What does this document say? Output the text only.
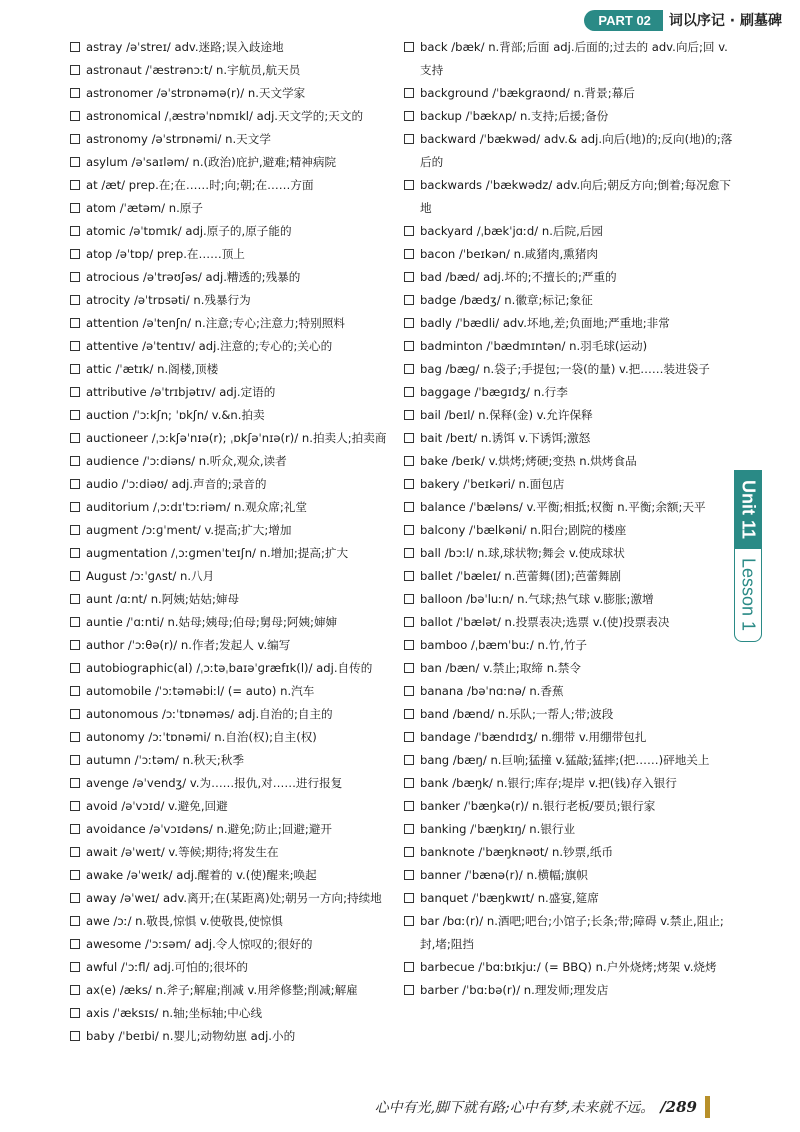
PART 02	词以序记 · 刷墓碑
astray /əˈstreɪ/ adv.迷路;误入歧途地
astronaut /ˈæstrənɔːt/ n.宇航员,航天员
astronomer /əˈstrɒnəmə(r)/ n.天文学家
astronomical /ˌæstrəˈnɒmɪkl/ adj.天文学的;天文的
astronomy /əˈstrɒnəmi/ n.天文学
asylum /əˈsaɪləm/ n.(政治)庇护,避难;精神病院
at /æt/ prep.在;在……时;向;朝;在……方面
atom /ˈætəm/ n.原子
atomic /əˈtɒmɪk/ adj.原子的,原子能的
atop /əˈtɒp/ prep.在……顶上
atrocious /əˈtrəʊʃəs/ adj.糟透的;残暴的
atrocity /əˈtrɒsəti/ n.残暴行为
attention /əˈtenʃn/ n.注意;专心;注意力;特别照料
attentive /əˈtentɪv/ adj.注意的;专心的;关心的
attic /ˈætɪk/ n.阁楼,顶楼
attributive /əˈtrɪbjətɪv/ adj.定语的
auction /ˈɔːkʃn; ˈɒkʃn/ v.&n.拍卖
auctioneer /ˌɔːkʃəˈnɪə(r); ˌɒkʃəˈnɪə(r)/ n.拍卖人;拍卖商
audience /ˈɔːdiəns/ n.听众,观众,读者
audio /ˈɔːdiəʊ/ adj.声音的;录音的
auditorium /ˌɔːdɪˈtɔːriəm/ n.观众席;礼堂
augment /ɔːɡˈment/ v.提高;扩大;增加
augmentation /ˌɔːɡmenˈteɪʃn/ n.增加;提高;扩大
August /ɔːˈɡʌst/ n.八月
aunt /ɑːnt/ n.阿姨;姑姑;婶母
auntie /ˈɑːnti/ n.姑母;姨母;伯母;舅母;阿姨;婶婶
author /ˈɔːθə(r)/ n.作者;发起人 v.编写
autobiographic(al) /ˌɔːtəˌbaɪəˈɡræfɪk(l)/ adj.自传的
automobile /ˈɔːtəməbiːl/ (= auto) n.汽车
autonomous /ɔːˈtɒnəməs/ adj.自治的;自主的
autonomy /ɔːˈtɒnəmi/ n.自治(权);自主(权)
autumn /ˈɔːtəm/ n.秋天;秋季
avenge /əˈvendʒ/ v.为……报仇,对……进行报复
avoid /əˈvɔɪd/ v.避免,回避
avoidance /əˈvɔɪdəns/ n.避免;防止;回避;避开
await /əˈweɪt/ v.等候;期待;将发生在
awake /əˈweɪk/ adj.醒着的 v.(使)醒来;唤起
away /əˈweɪ/ adv.离开;在(某距离)处;朝另一方向;持续地
awe /ɔː/ n.敬畏,惊惧 v.使敬畏,使惊惧
awesome /ˈɔːsəm/ adj.令人惊叹的;很好的
awful /ˈɔːfl/ adj.可怕的;很坏的
ax(e) /æks/ n.斧子;解雇;削减 v.用斧修整;削减;解雇
axis /ˈæksɪs/ n.轴;坐标轴;中心线
baby /ˈbeɪbi/ n.婴儿;动物幼崽 adj.小的
back /bæk/ n.背部;后面 adj.后面的;过去的 adv.向后;回 v.支持
background /ˈbækɡraʊnd/ n.背景;幕后
backup /ˈbækʌp/ n.支持;后援;备份
backward /ˈbækwəd/ adv.& adj.向后(地)的;反向(地)的;落后的
backwards /ˈbækwədz/ adv.向后;朝反方向;倒着;每况愈下地
backyard /ˌbækˈjɑːd/ n.后院,后园
bacon /ˈbeɪkən/ n.咸猪肉,熏猪肉
bad /bæd/ adj.坏的;不擅长的;严重的
badge /bædʒ/ n.徽章;标记;象征
badly /ˈbædli/ adv.坏地,差;负面地;严重地;非常
badminton /ˈbædmɪntən/ n.羽毛球(运动)
bag /bæɡ/ n.袋子;手提包;一袋(的量) v.把……装进袋子
baggage /ˈbæɡɪdʒ/ n.行李
bail /beɪl/ n.保释(金) v.允许保释
bait /beɪt/ n.诱饵 v.下诱饵;激怒
bake /beɪk/ v.烘烤;烤硬;变热 n.烘烤食品
bakery /ˈbeɪkəri/ n.面包店
balance /ˈbæləns/ v.平衡;相抵;权衡 n.平衡;余额;天平
balcony /ˈbælkəni/ n.阳台;剧院的楼座
ball /bɔːl/ n.球,球状物;舞会 v.使成球状
ballet /ˈbæleɪ/ n.芭蕾舞(团);芭蕾舞剧
balloon /bəˈluːn/ n.气球;热气球 v.膨胀;激增
ballot /ˈbælət/ n.投票表决;选票 v.(使)投票表决
bamboo /ˌbæmˈbuː/ n.竹,竹子
ban /bæn/ v.禁止;取缔 n.禁令
banana /bəˈnɑːnə/ n.香蕉
band /bænd/ n.乐队;一帮人;带;波段
bandage /ˈbændɪdʒ/ n.绷带 v.用绷带包扎
bang /bæŋ/ n.巨响;猛撞 v.猛敲;猛摔;(把……)砰地关上
bank /bæŋk/ n.银行;库存;堤岸 v.把(钱)存入银行
banker /ˈbæŋkə(r)/ n.银行老板/要员;银行家
banking /ˈbæŋkɪŋ/ n.银行业
banknote /ˈbæŋknəʊt/ n.钞票,纸币
banner /ˈbænə(r)/ n.横幅;旗帜
banquet /ˈbæŋkwɪt/ n.盛宴,筵席
bar /bɑː(r)/ n.酒吧;吧台;小馆子;长条;带;障碍 v.禁止,阻止;封,堵;阻挡
barbecue /ˈbɑːbɪkjuː/ (= BBQ) n.户外烧烤;烤架 v.烧烤
barber /ˈbɑːbə(r)/ n.理发师;理发店
Unit 11
Lesson 1
心中有光,脚下就有路;心中有梦,未来就不远。 /289
